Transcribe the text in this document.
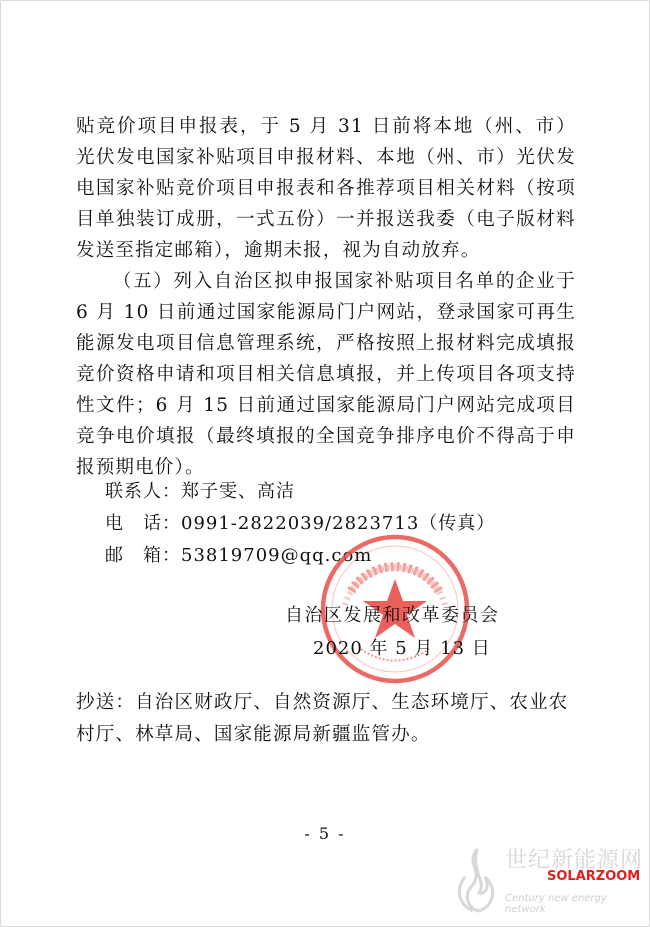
贴竞价项目申报表，于 5 月 31 日前将本地（州、市）光伏发电国家补贴项目申报材料、本地（州、市）光伏发电国家补贴竞价项目申报表和各推荐项目相关材料（按项目单独装订成册，一式五份）一并报送我委（电子版材料发送至指定邮箱），逾期未报，视为自动放弃。

（五）列入自治区拟申报国家补贴项目名单的企业于 6 月 10 日前通过国家能源局门户网站，登录国家可再生能源发电项目信息管理系统，严格按照上报材料完成填报竞价资格申请和项目相关信息填报，并上传项目各项支持性文件；6 月 15 日前通过国家能源局门户网站完成项目竞争电价填报（最终填报的全国竞争排序电价不得高于申报预期电价）。

联系人：郑子雯、高洁
电　话：0991-2822039/2823713（传真）
邮　箱：53819709@qq.com
自治区发展和改革委员会
2020 年 5 月 13 日
抄送：自治区财政厅、自然资源厅、生态环境厅、农业农村厅、林草局、国家能源局新疆监管办。
- 5 -
世纪新能源网
SOLARZOOM
Century new energy network
